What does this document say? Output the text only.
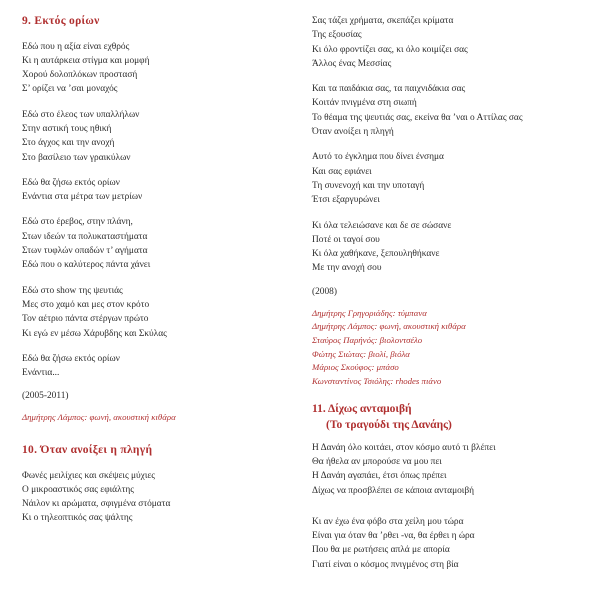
9. Εκτός ορίων
Εδώ που η αξία είναι εχθρός
Κι η αυτάρκεια στίγμα και μομφή
Χορού δολοπλόκων προστασή
Σ’ ορίζει να ’σαι μοναχός
Εδώ στο έλεος των υπαλλήλων
Στην αστική τους ηθική
Στο άγχος και την ανοχή
Στο βασίλειο των γραικύλων
Εδώ θα ζήσω εκτός ορίων
Ενάντια στα μέτρα των μετρίων
Εδώ στο έρεβος, στην πλάνη,
Στων ιδεών τα πολυκαταστήματα
Στων τυφλών οπαδών τ’ αγήματα
Εδώ που ο καλύτερος πάντα χάνει
Εδώ στο show της ψευτιάς
Μες στο χαμό και μες στον κρότο
Τον αέτριο πάντα στέργων πρώτο
Κι εγώ εν μέσω Χάρυβδης και Σκύλας
Εδώ θα ζήσω εκτός ορίων
Ενάντια...
(2005-2011)
Δημήτρης Λάμπος: φωνή, ακουστική κιθάρα
10. Όταν ανοίξει η πληγή
Φωνές μειλίχιες και σκέψεις μύχιες
Ο μικροαστικός σας εφιάλτης
Νάιλον κι αρώματα, σφιγμένα στόματα
Κι ο τηλεοπτικός σας ψάλτης
Σας τάζει χρήματα, σκεπάζει κρίματα
Της εξουσίας
Κι όλο φροντίζει σας, κι όλο κοιμίζει σας
Άλλος ένας Μεσσίας
Και τα παιδάκια σας, τα παιχνιδάκια σας
Κοιτάν πνιγμένα στη σιωπή
Το θέαμα της ψευτιάς σας, εκείνα θα ’ναι ο Αττίλας σας
Όταν ανοίξει η πληγή
Αυτό το έγκλημα που δίνει ένσημα
Και σας εφιάνει
Τη συνενοχή και την υποταγή
Έτσι εξαργυρώνει
Κι όλα τελειώσανε και δε σε σώσανε
Ποτέ οι ταγοί σου
Κι όλα χαθήκανε, ξεπουληθήκανε
Με την ανοχή σου
(2008)
Δημήτρης Γρηγοριάδης: τύμπανα
Δημήτρης Λάμπος: φωνή, ακουστική κιθάρα
Σταύρος Παρήνός: βιολοντσέλο
Φώτης Σιώτας: βιολί, βιόλα
Μάριος Σκούφος: μπάσο
Κωνσταντίνος Τσιόλης: rhodes πιάνο
11. Δίχως ανταμοιβή
(Το τραγούδι της Δανάης)
Η Δανάη όλο κοιτάει, στον κόσμο αυτό τι βλέπει
Θα ήθελα αν μπορούσε να μου πει
Η Δανάη αγαπάει, έτσι όπως πρέπει
Δίχως να προσβλέπει σε κάποια ανταμοιβή
Κι αν έχω ένα φόβο στα χείλη μου τώρα
Είναι για όταν θα ’ρθει -να, θα έρθει η ώρα
Που θα με ρωτήσεις απλά με απορία
Γιατί είναι ο κόσμος πνιγμένος στη βία
